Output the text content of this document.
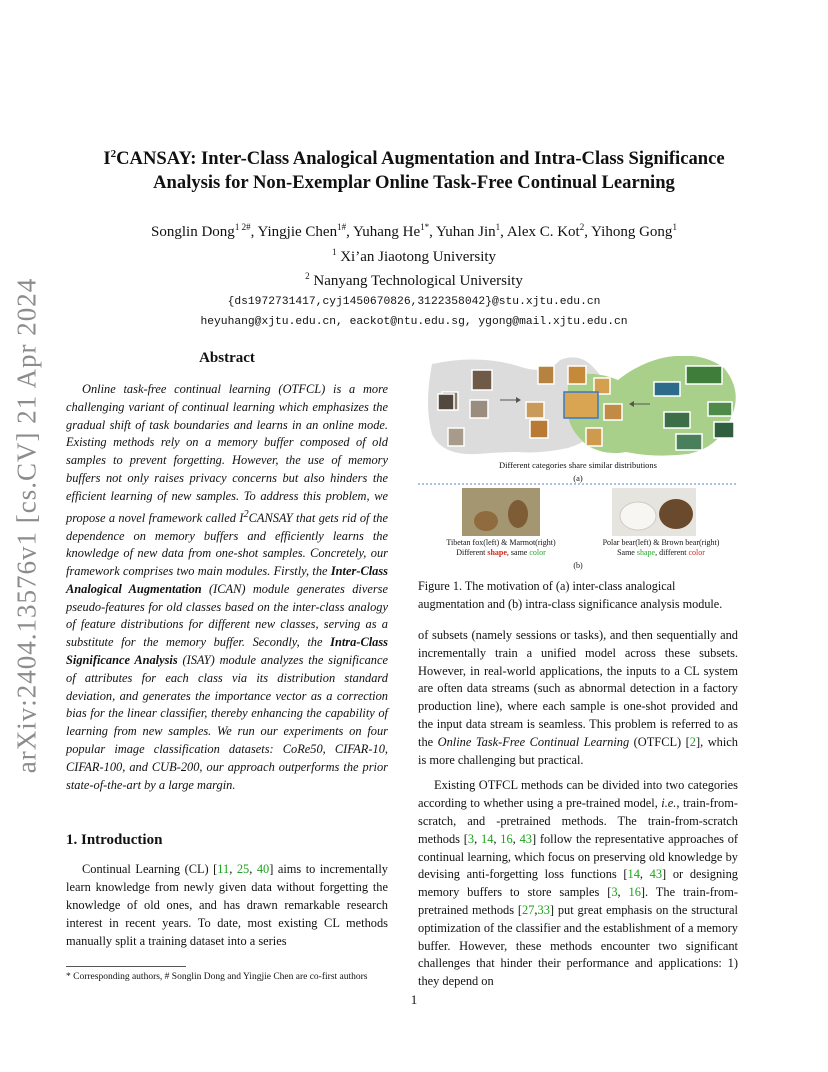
arXiv:2404.13576v1 [cs.CV] 21 Apr 2024
$I^2CANSAY$: Inter-Class Analogical Augmentation and Intra-Class Significance
Analysis for Non-Exemplar Online Task-Free Continual Learning
Songlin Dong$^{1 2\#}$, Yingjie Chen$^{1\#}$, Yuhang $He^{1*}$, Yuhan Jin$^1$, Alex C. Kot$^2$, Yihong Gong$^1$
$^1$ Xi’an Jiaotong University
$^2$ Nanyang Technological University
{ds1972731417,cyj1450670826,3122358042}@stu.xjtu.edu.cn
heyuhang@xjtu.edu.cn, eackot@ntu.edu.sg, ygong@mail.xjtu.edu.cn
Abstract

Online task-free continual learning (OTFCL) is a more challenging variant of continual learning which emphasizes the gradual shift of task boundaries and learns in an online mode. Existing methods rely on a memory buffer composed of old samples to prevent forgetting. However, the use of memory buffers not only raises privacy concerns but also hinders the efficient learning of new samples. To address this problem, we propose a novel framework called $I^2CANSAY$ that gets rid of the dependence on memory buffers and efficiently learns the knowledge of new data from one-shot samples. Concretely, our framework comprises two main modules. Firstly, the Inter-Class Analogical Augmentation (ICAN) module generates diverse pseudo-features for old classes based on the inter-class analogy of feature distributions for different new classes, serving as a substitute for the memory buffer. Secondly, the Intra-Class Significance Analysis (ISAY) module analyzes the significance of attributes for each class via its distribution standard deviation, and generates the importance vector as a correction bias for the linear classifier, thereby enhancing the capability of learning from new samples. We run our experiments on four popular image classification datasets: CoRe50, CIFAR-10, CIFAR-100, and CUB-200, our approach outperforms the prior state-of-the-art by a large margin.

1. Introduction

Continual Learning (CL) [11, 25, 40] aims to incrementally learn knowledge from newly given data without forgetting the knowledge of old ones, and has drawn remarkable research interest in recent years. To date, most existing CL methods manually split a training dataset into a series

* Corresponding authors, # Songlin Dong and Yingjie Chen are co-first authors

Different categories share similar distributions
(a)
Tibetan fox(left) & Marmot(right)
Different shape, same color
Polar bear(left) & Brown bear(right)
Same shape, different color
(b)

Figure 1. The motivation of (a) inter-class analogical augmentation and (b) intra-class significance analysis module.

of subsets (namely sessions or tasks), and then sequentially and incrementally train a unified model across these subsets. However, in real-world applications, the inputs to a CL system are often data streams (such as abnormal detection in a factory production line), where each sample is one-shot provided and the input data stream is seamless. This problem is referred to as the Online Task-Free Continual Learning (OTFCL) [2], which is more challenging but practical.

Existing OTFCL methods can be divided into two categories according to whether using a pre-trained model, i.e., train-from-scratch, and -pretrained methods. The train-from-scratch methods [3, 14, 16, 43] follow the representative approaches of continual learning, which focus on preserving old knowledge by devising anti-forgetting loss functions [14, 43] or designing memory buffers to store samples [3, 16]. The train-from-pretrained methods [27,33] put great emphasis on the structural optimization of the classifier and the establishment of a memory buffer. However, these methods encounter two significant challenges that hinder their performance and applications: 1) they depend on

1
